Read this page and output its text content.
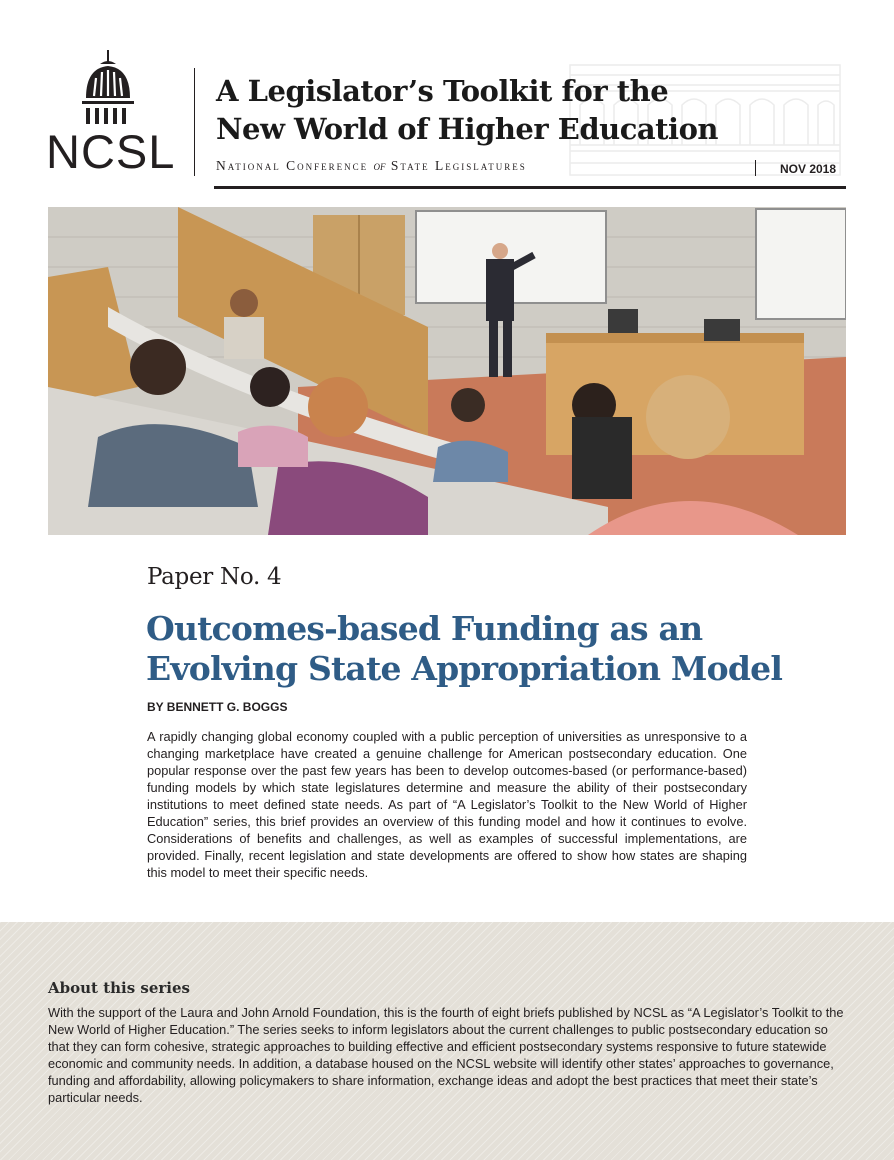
NCSL
A Legislator’s Toolkit for the
New World of Higher Education
National Conference of State Legislatures	NOV 2018
Paper No. 4
Outcomes-based Funding as an
Evolving State Appropriation Model
BY BENNETT G. BOGGS

A rapidly changing global economy coupled with a public perception of universities as unresponsive to a changing marketplace have created a genuine challenge for American postsecondary education. One popular response over the past few years has been to develop outcomes-based (or performance-based) funding models by which state legislatures determine and measure the ability of their postsecondary institutions to meet defined state needs. As part of “A Legislator’s Toolkit to the New World of Higher Education” series, this brief provides an overview of this funding model and how it continues to evolve. Considerations of benefits and challenges, as well as examples of successful implementations, are provided. Finally, recent legislation and state developments are offered to show how states are shaping this model to meet their specific needs.

About this series

With the support of the Laura and John Arnold Foundation, this is the fourth of eight briefs published by NCSL as “A Legislator’s Toolkit to the New World of Higher Education.” The series seeks to inform legislators about the current challenges to public postsecondary education so that they can form cohesive, strategic approaches to building effective and efficient postsecondary systems responsive to future statewide economic and community needs. In addition, a database housed on the NCSL website will identify other states’ approaches to governance, funding and affordability, allowing policymakers to share information, exchange ideas and adopt the best practices that meet their state’s particular needs.
